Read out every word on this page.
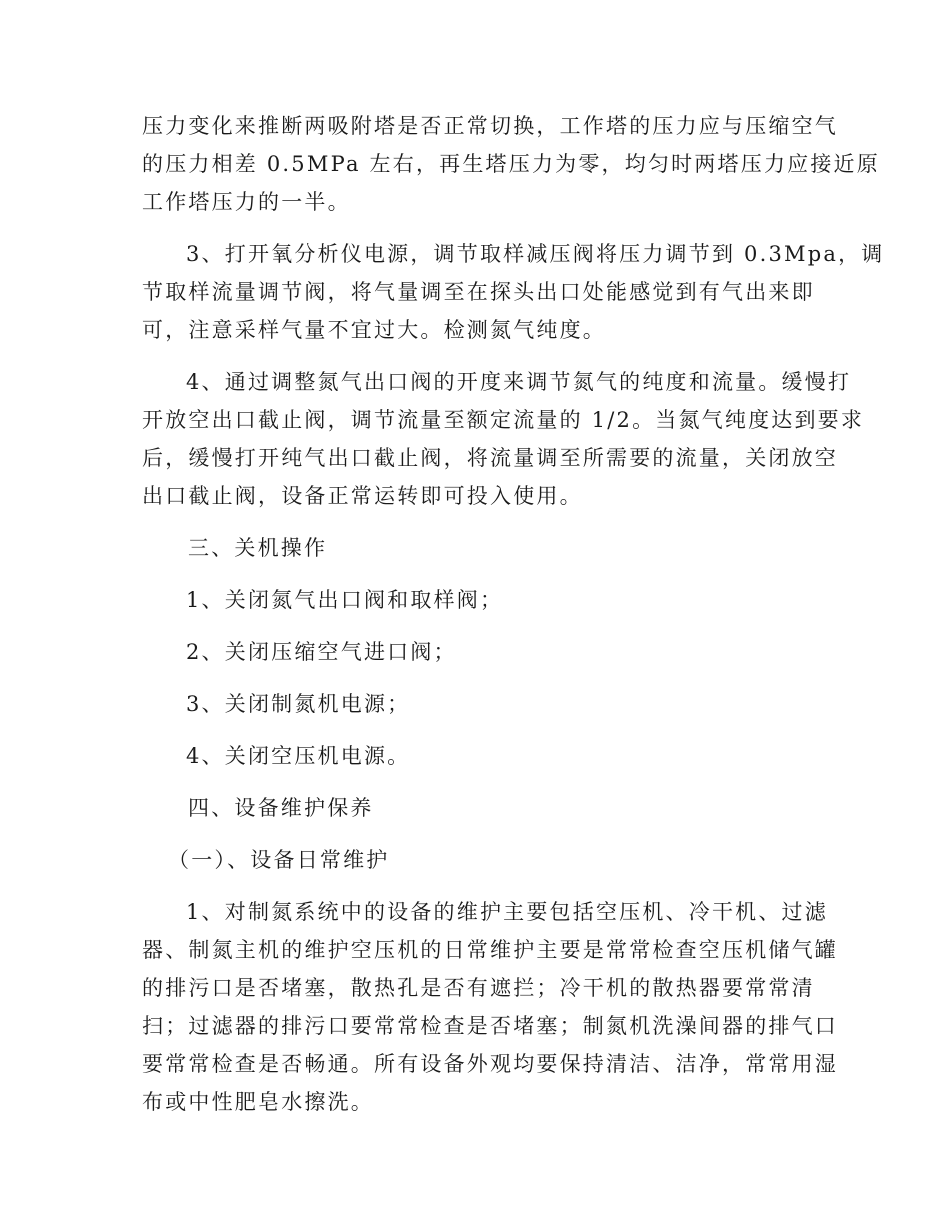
压力变化来推断两吸附塔是否正常切换，工作塔的压力应与压缩空气
的压力相差 0.5MPa 左右，再生塔压力为零，均匀时两塔压力应接近原
工作塔压力的一半。
3、打开氧分析仪电源，调节取样减压阀将压力调节到 0.3Mpa，调
节取样流量调节阀，将气量调至在探头出口处能感觉到有气出来即
可，注意采样气量不宜过大。检测氮气纯度。
4、通过调整氮气出口阀的开度来调节氮气的纯度和流量。缓慢打
开放空出口截止阀，调节流量至额定流量的 1/2。当氮气纯度达到要求
后，缓慢打开纯气出口截止阀，将流量调至所需要的流量，关闭放空
出口截止阀，设备正常运转即可投入使用。
三、关机操作
1、关闭氮气出口阀和取样阀；
2、关闭压缩空气进口阀；
3、关闭制氮机电源；
4、关闭空压机电源。
四、设备维护保养
（一）、设备日常维护
1、对制氮系统中的设备的维护主要包括空压机、冷干机、过滤
器、制氮主机的维护空压机的日常维护主要是常常检查空压机储气罐
的排污口是否堵塞，散热孔是否有遮拦；冷干机的散热器要常常清
扫；过滤器的排污口要常常检查是否堵塞；制氮机洗澡间器的排气口
要常常检查是否畅通。所有设备外观均要保持清洁、洁净，常常用湿
布或中性肥皂水擦洗。
